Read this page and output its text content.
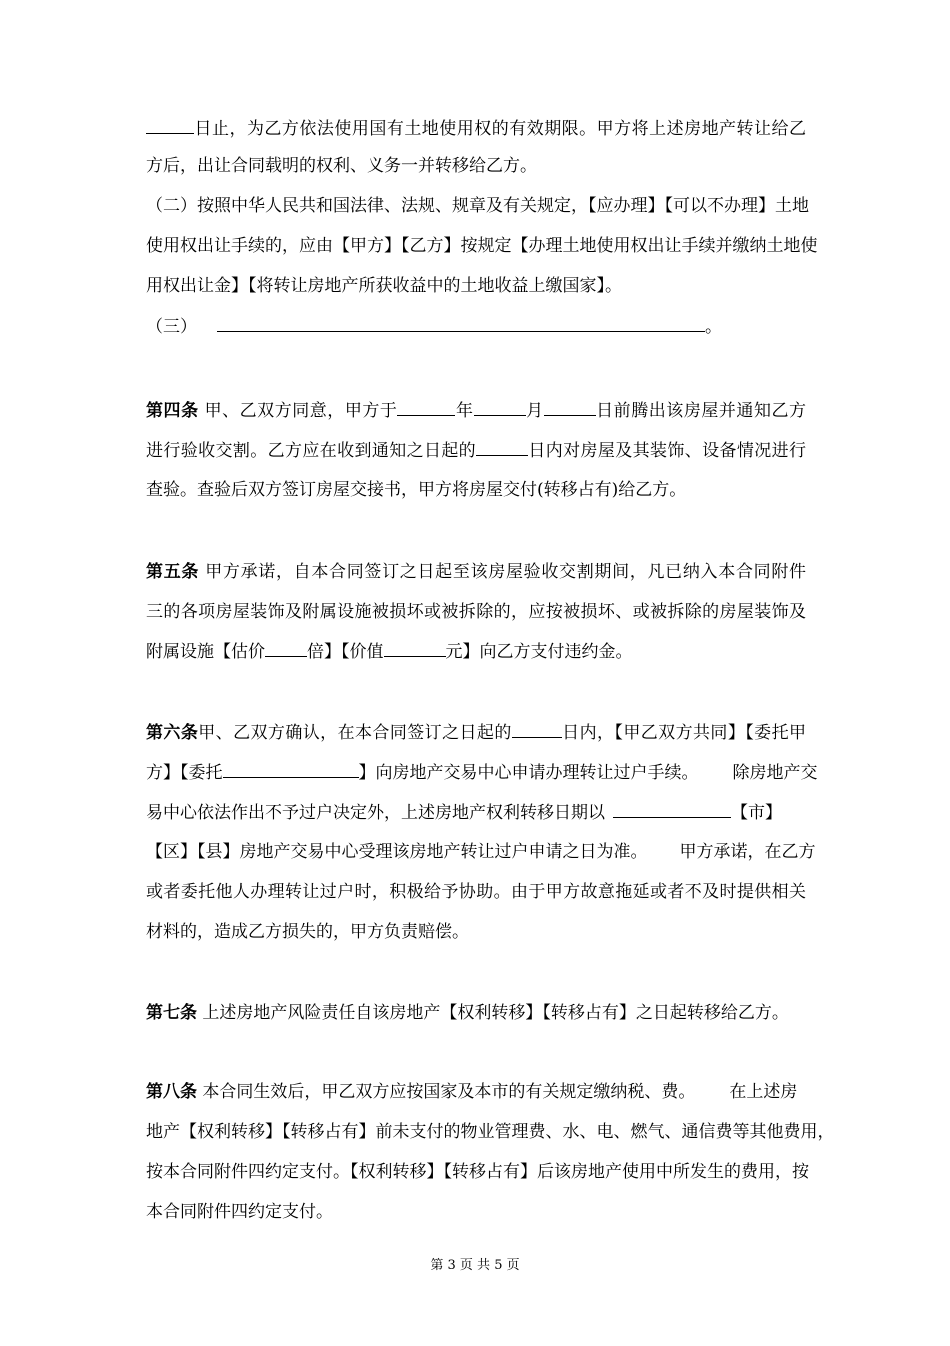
日止，为乙方依法使用国有土地使用权的有效期限。甲方将上述房地产转让给乙

方后，出让合同载明的权利、义务一并转移给乙方。

（二）按照中华人民共和国法律、法规、规章及有关规定，【应办理】【可以不办理】土地

使用权出让手续的，应由【甲方】【乙方】按规定【办理土地使用权出让手续并缴纳土地使

用权出让金】【将转让房地产所获收益中的土地收益上缴国家】。

（三）	。

第四条 甲、乙双方同意，甲方于	年	月	日前腾出该房屋并通知乙方

进行验收交割。乙方应在收到通知之日起的	日内对房屋及其装饰、设备情况进行

查验。查验后双方签订房屋交接书，甲方将房屋交付(转移占有)给乙方。

第五条 甲方承诺，自本合同签订之日起至该房屋验收交割期间，凡已纳入本合同附件

三的各项房屋装饰及附属设施被损坏或被拆除的，应按被损坏、或被拆除的房屋装饰及

附属设施【估价 倍】【价值	元】向乙方支付违约金。

第六条甲、乙双方确认，在本合同签订之日起的	日内，【甲乙双方共同】【委托甲

方】【委托	】向房地产交易中心申请办理转让过户手续。 除房地产交

易中心依法作出不予过户决定外，上述房地产权利转移日期以	【市】

【区】【县】房地产交易中心受理该房地产转让过户申请之日为准。 甲方承诺，在乙方

或者委托他人办理转让过户时，积极给予协助。由于甲方故意拖延或者不及时提供相关

材料的，造成乙方损失的，甲方负责赔偿。

第七条 上述房地产风险责任自该房地产【权利转移】【转移占有】之日起转移给乙方。

第八条 本合同生效后，甲乙双方应按国家及本市的有关规定缴纳税、费。 在上述房

地产【权利转移】【转移占有】前未支付的物业管理费、水、电、燃气、通信费等其他费用，

按本合同附件四约定支付。【权利转移】【转移占有】后该房地产使用中所发生的费用，按

本合同附件四约定支付。

第 3 页 共 5 页
